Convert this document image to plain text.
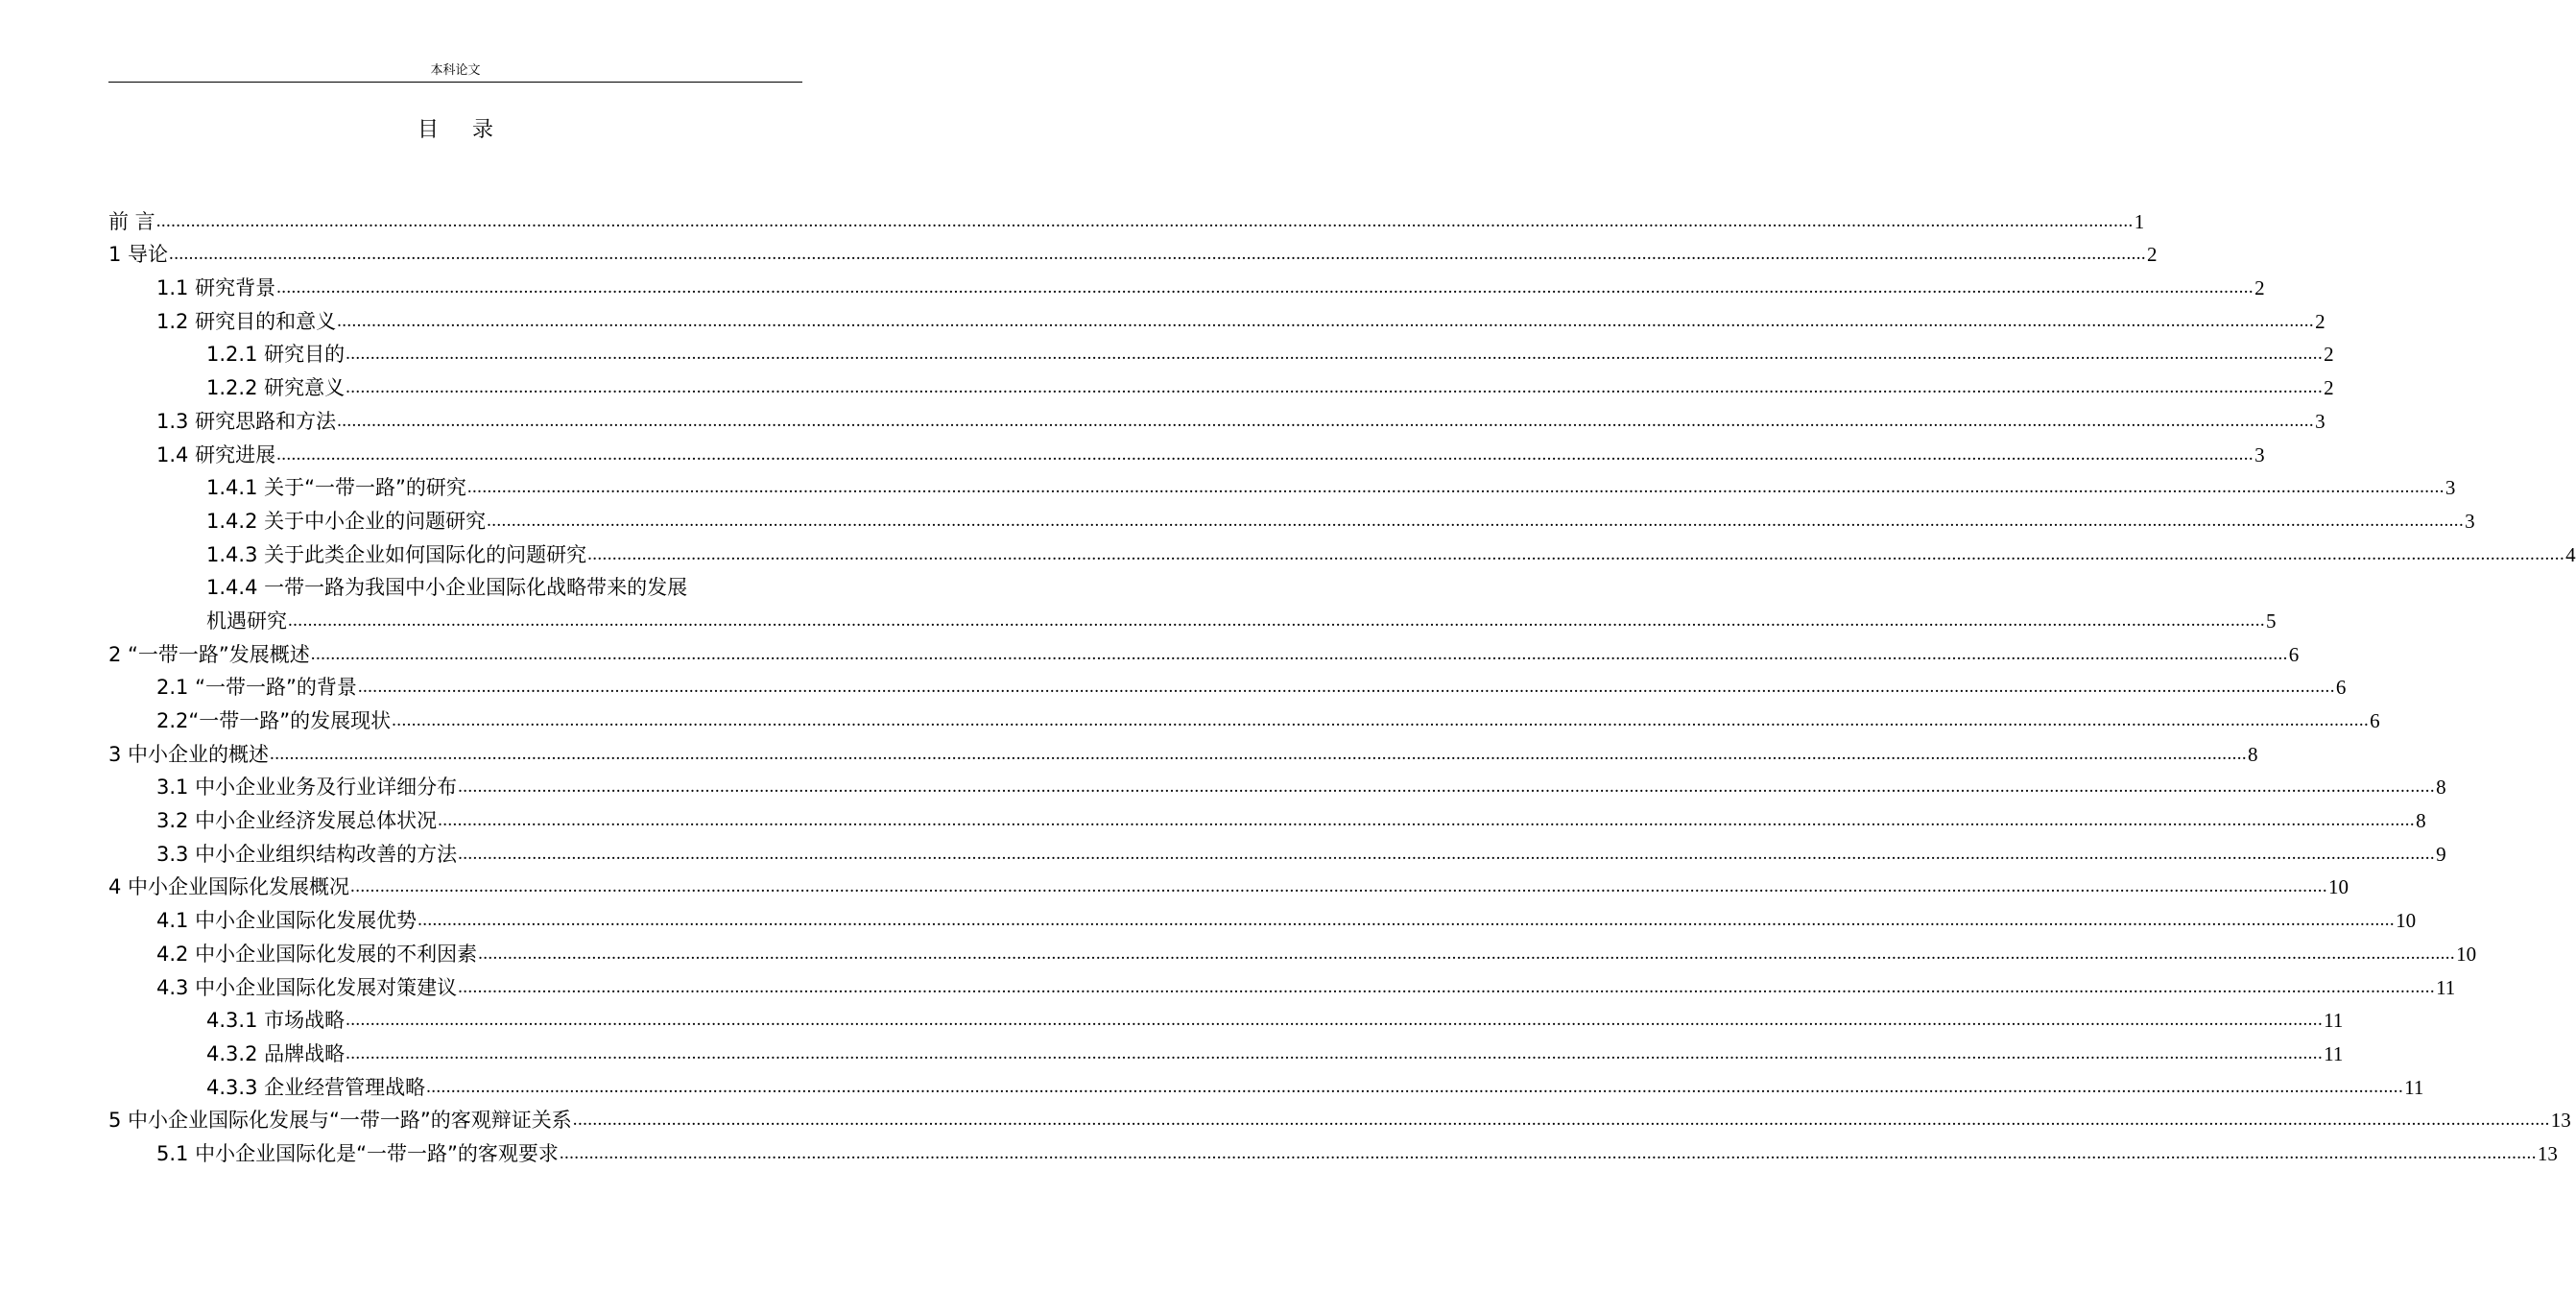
本科论文
目 录
前 言 ................................................................................................................................................................................................................................................................................................................................................................................................................ 1
1 导论 ................................................................................................................................................................................................................................................................................................................................................................................................................ 2
1.1 研究背景 ................................................................................................................................................................................................................................................................................................................................................................................................................ 2
1.2 研究目的和意义 ................................................................................................................................................................................................................................................................................................................................................................................................................ 2
1.2.1 研究目的 ................................................................................................................................................................................................................................................................................................................................................................................................................ 2
1.2.2 研究意义 ................................................................................................................................................................................................................................................................................................................................................................................................................ 2
1.3 研究思路和方法 ................................................................................................................................................................................................................................................................................................................................................................................................................ 3
1.4 研究进展 ................................................................................................................................................................................................................................................................................................................................................................................................................ 3
1.4.1 关于“一带一路”的研究 ................................................................................................................................................................................................................................................................................................................................................................................................................ 3
1.4.2 关于中小企业的问题研究 ................................................................................................................................................................................................................................................................................................................................................................................................................ 3
1.4.3 关于此类企业如何国际化的问题研究 ................................................................................................................................................................................................................................................................................................................................................................................................................ 4
1.4.4 一带一路为我国中小企业国际化战略带来的发展
机遇研究 ................................................................................................................................................................................................................................................................................................................................................................................................................ 5
2 “一带一路”发展概述 ................................................................................................................................................................................................................................................................................................................................................................................................................ 6
2.1 “一带一路”的背景 ................................................................................................................................................................................................................................................................................................................................................................................................................ 6
2.2“一带一路”的发展现状 ................................................................................................................................................................................................................................................................................................................................................................................................................ 6
3 中小企业的概述 ................................................................................................................................................................................................................................................................................................................................................................................................................ 8
3.1 中小企业业务及行业详细分布 ................................................................................................................................................................................................................................................................................................................................................................................................................ 8
3.2 中小企业经济发展总体状况 ................................................................................................................................................................................................................................................................................................................................................................................................................ 8
3.3 中小企业组织结构改善的方法 ................................................................................................................................................................................................................................................................................................................................................................................................................ 9
4 中小企业国际化发展概况 ................................................................................................................................................................................................................................................................................................................................................................................................................ 10
4.1 中小企业国际化发展优势 ................................................................................................................................................................................................................................................................................................................................................................................................................ 10
4.2 中小企业国际化发展的不利因素 ................................................................................................................................................................................................................................................................................................................................................................................................................ 10
4.3 中小企业国际化发展对策建议 ................................................................................................................................................................................................................................................................................................................................................................................................................ 11
4.3.1 市场战略 ................................................................................................................................................................................................................................................................................................................................................................................................................ 11
4.3.2 品牌战略 ................................................................................................................................................................................................................................................................................................................................................................................................................ 11
4.3.3 企业经营管理战略 ................................................................................................................................................................................................................................................................................................................................................................................................................ 11
5 中小企业国际化发展与“一带一路”的客观辩证关系 ................................................................................................................................................................................................................................................................................................................................................................................................................ 13
5.1 中小企业国际化是“一带一路”的客观要求 ................................................................................................................................................................................................................................................................................................................................................................................................................ 13
